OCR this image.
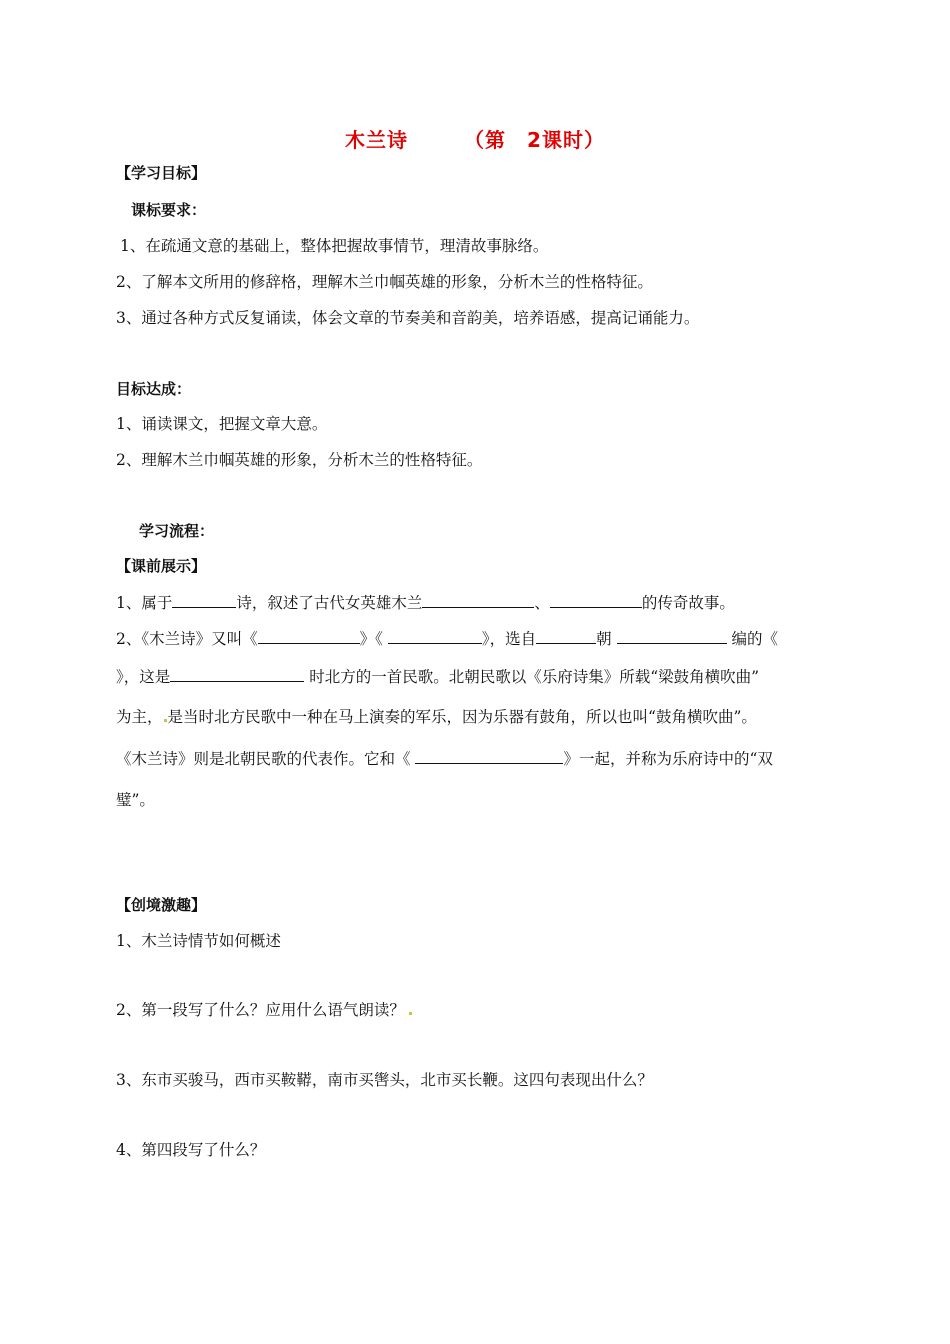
木兰诗	（第　2课时）
【学习目标】
课标要求：
1、在疏通文意的基础上，整体把握故事情节，理清故事脉络。
2、了解本文所用的修辞格，理解木兰巾帼英雄的形象，分析木兰的性格特征。
3、通过各种方式反复诵读，体会文章的节奏美和音韵美，培养语感，提高记诵能力。
目标达成：
1、诵读课文，把握文章大意。
2、理解木兰巾帼英雄的形象，分析木兰的性格特征。
学习流程：
【课前展示】
1、属于	诗，叙述了古代女英雄木兰	、	的传奇故事。
2、《木兰诗》又叫《	》《	》，选自	朝	编的《
》，这是	时北方的一首民歌。北朝民歌以《乐府诗集》所载“梁鼓角横吹曲”
为主， 是当时北方民歌中一种在马上演奏的军乐，因为乐器有鼓角，所以也叫“鼓角横吹曲”。
《木兰诗》则是北朝民歌的代表作。它和《	》一起，并称为乐府诗中的“双
璧”。
【创境激趣】
1、木兰诗情节如何概述
2、第一段写了什么？应用什么语气朗读？
3、东市买骏马，西市买鞍鞯，南市买辔头，北市买长鞭。这四句表现出什么？
4、第四段写了什么？
